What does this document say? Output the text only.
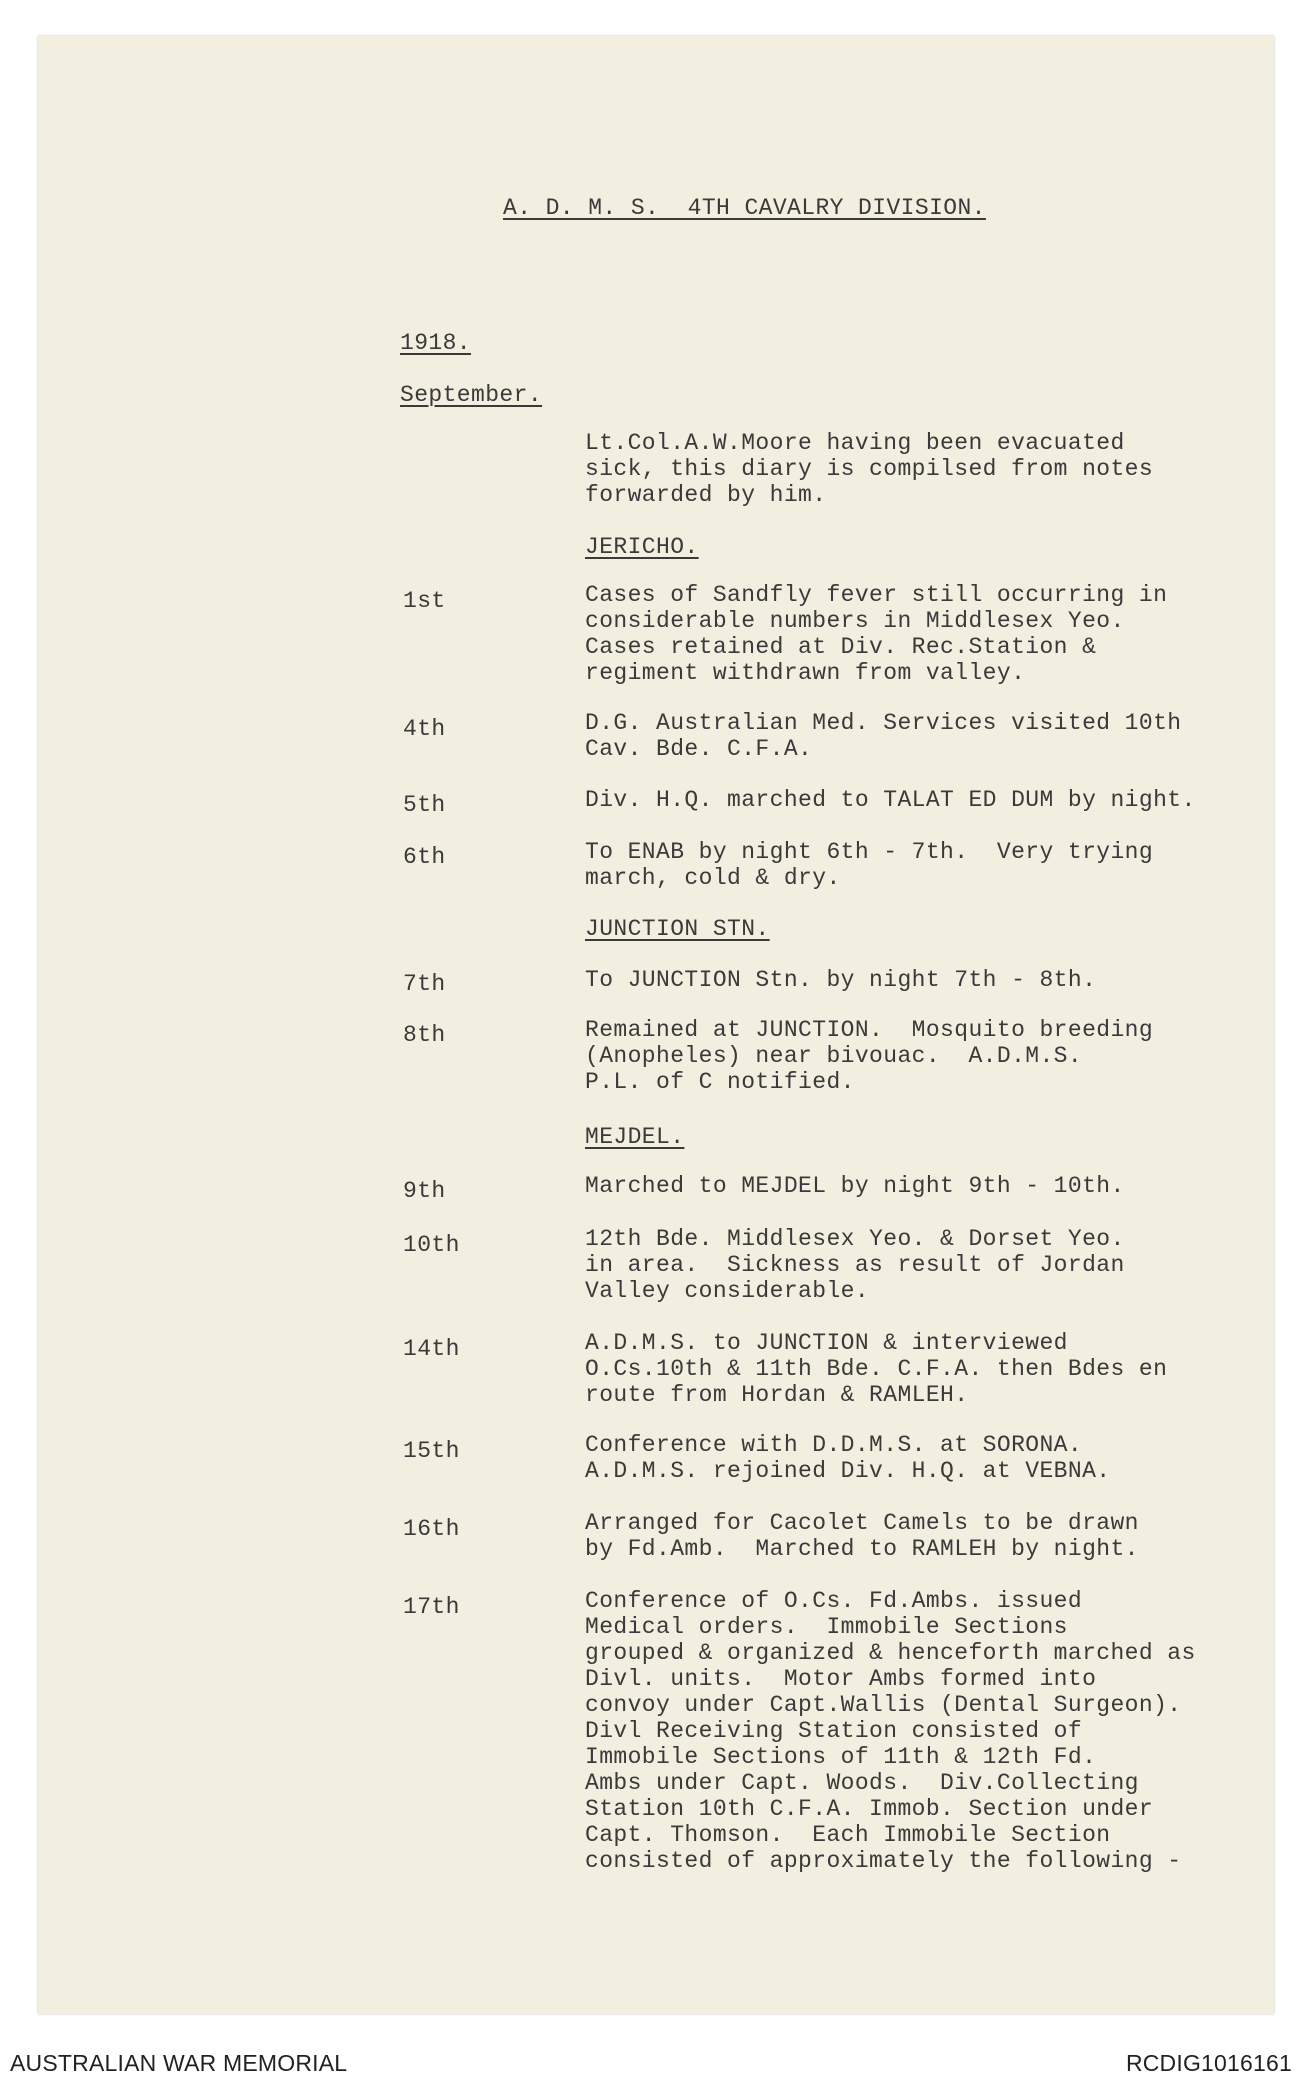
A. D. M. S.  4TH CAVALRY DIVISION.
1918.
September.
Lt.Col.A.W.Moore having been evacuated
sick, this diary is compilsed from notes
forwarded by him.
JERICHO.
1st	Cases of Sandfly fever still occurring in
considerable numbers in Middlesex Yeo.
Cases retained at Div. Rec.Station &
regiment withdrawn from valley.
4th	D.G. Australian Med. Services visited 10th
Cav. Bde. C.F.A.
5th	Div. H.Q. marched to TALAT ED DUM by night.
6th	To ENAB by night 6th - 7th.  Very trying
march, cold & dry.
JUNCTION STN.
7th	To JUNCTION Stn. by night 7th - 8th.
8th	Remained at JUNCTION.  Mosquito breeding
(Anopheles) near bivouac.  A.D.M.S.
P.L. of C notified.
MEJDEL.
9th	Marched to MEJDEL by night 9th - 10th.
10th	12th Bde. Middlesex Yeo. & Dorset Yeo.
in area.  Sickness as result of Jordan
Valley considerable.
14th	A.D.M.S. to JUNCTION & interviewed
O.Cs.10th & 11th Bde. C.F.A. then Bdes en
route from Hordan & RAMLEH.
15th	Conference with D.D.M.S. at SORONA.
A.D.M.S. rejoined Div. H.Q. at VEBNA.
16th	Arranged for Cacolet Camels to be drawn
by Fd.Amb.  Marched to RAMLEH by night.
17th	Conference of O.Cs. Fd.Ambs. issued
Medical orders.  Immobile Sections
grouped & organized & henceforth marched as
Divl. units.  Motor Ambs formed into
convoy under Capt.Wallis (Dental Surgeon).
Divl Receiving Station consisted of
Immobile Sections of 11th & 12th Fd.
Ambs under Capt. Woods.  Div.Collecting
Station 10th C.F.A. Immob. Section under
Capt. Thomson.  Each Immobile Section
consisted of approximately the following -
AUSTRALIAN WAR MEMORIAL	RCDIG1016161
